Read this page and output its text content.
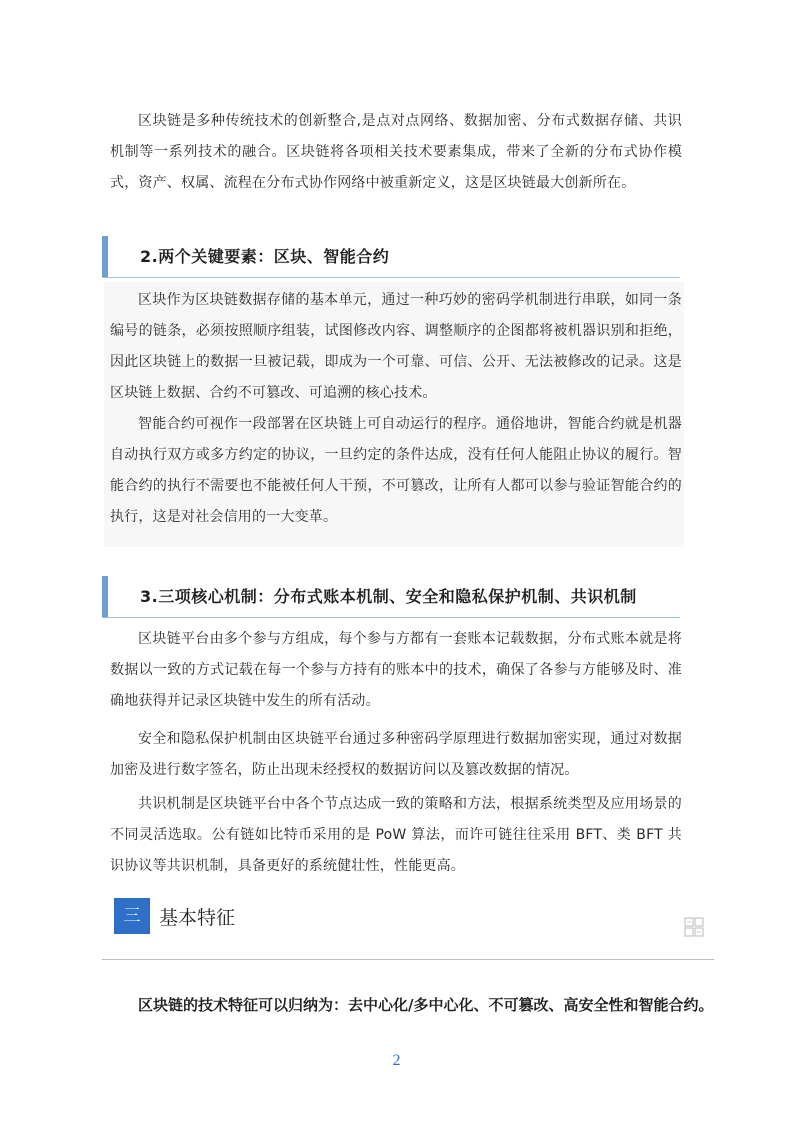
区块链是多种传统技术的创新整合,是点对点网络、数据加密、分布式数据存储、共识机制等一系列技术的融合。区块链将各项相关技术要素集成，带来了全新的分布式协作模式，资产、权属、流程在分布式协作网络中被重新定义，这是区块链最大创新所在。

2.两个关键要素：区块、智能合约

区块作为区块链数据存储的基本单元，通过一种巧妙的密码学机制进行串联，如同一条编号的链条，必须按照顺序组装，试图修改内容、调整顺序的企图都将被机器识别和拒绝，因此区块链上的数据一旦被记载，即成为一个可靠、可信、公开、无法被修改的记录。这是区块链上数据、合约不可篡改、可追溯的核心技术。

智能合约可视作一段部署在区块链上可自动运行的程序。通俗地讲，智能合约就是机器自动执行双方或多方约定的协议，一旦约定的条件达成，没有任何人能阻止协议的履行。智能合约的执行不需要也不能被任何人干预，不可篡改，让所有人都可以参与验证智能合约的执行，这是对社会信用的一大变革。

3.三项核心机制：分布式账本机制、安全和隐私保护机制、共识机制

区块链平台由多个参与方组成，每个参与方都有一套账本记载数据，分布式账本就是将数据以一致的方式记载在每一个参与方持有的账本中的技术，确保了各参与方能够及时、准确地获得并记录区块链中发生的所有活动。

安全和隐私保护机制由区块链平台通过多种密码学原理进行数据加密实现，通过对数据加密及进行数字签名，防止出现未经授权的数据访问以及篡改数据的情况。

共识机制是区块链平台中各个节点达成一致的策略和方法，根据系统类型及应用场景的不同灵活选取。公有链如比特币采用的是 PoW 算法，而许可链往往采用 BFT、类 BFT 共识协议等共识机制，具备更好的系统健壮性，性能更高。

三 基本特征

区块链的技术特征可以归纳为：去中心化/多中心化、不可篡改、高安全性和智能合约。

2
